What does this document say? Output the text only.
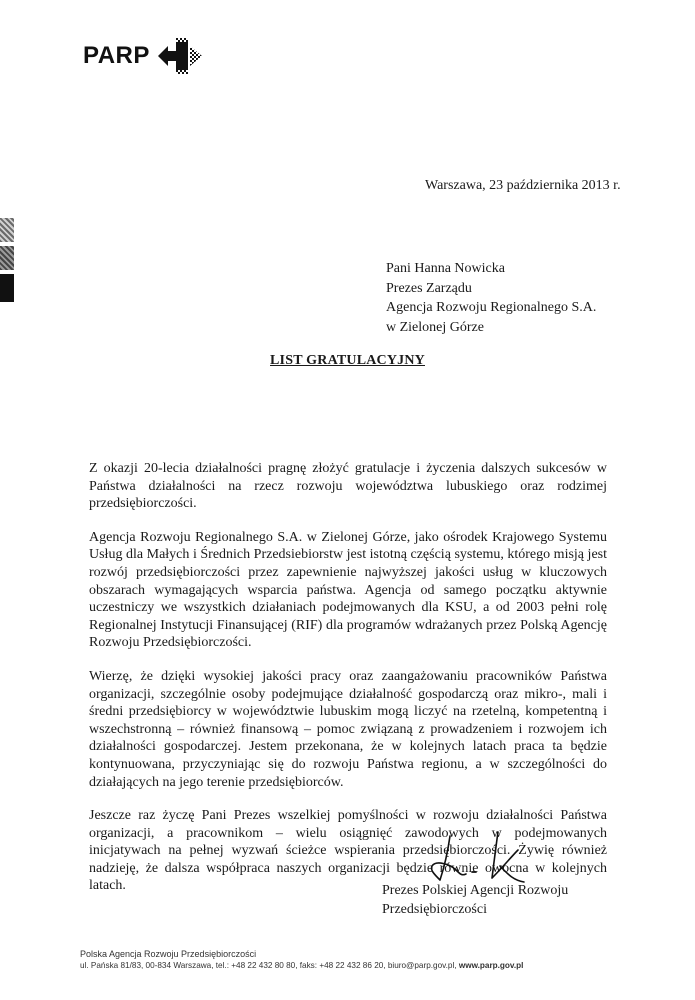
PARP
Warszawa, 23 października 2013 r.
Pani Hanna Nowicka
Prezes Zarządu
Agencja Rozwoju Regionalnego S.A.
w Zielonej Górze
LIST GRATULACYJNY

Z okazji 20-lecia działalności pragnę złożyć gratulacje i życzenia dalszych sukcesów w Państwa działalności na rzecz rozwoju województwa lubuskiego oraz rodzimej przedsiębiorczości.

Agencja Rozwoju Regionalnego S.A. w Zielonej Górze, jako ośrodek Krajowego Systemu Usług dla Małych i Średnich Przedsiebiorstw jest istotną częścią systemu, którego misją jest rozwój przedsiębiorczości przez zapewnienie najwyższej jakości usług w kluczowych obszarach wymagających wsparcia państwa. Agencja od samego początku aktywnie uczestniczy we wszystkich działaniach podejmowanych dla KSU, a od 2003 pełni rolę Regionalnej Instytucji Finansującej (RIF) dla programów wdrażanych przez Polską Agencję Rozwoju Przedsiębiorczości.

Wierzę, że dzięki wysokiej jakości pracy oraz zaangażowaniu pracowników Państwa organizacji, szczególnie osoby podejmujące działalność gospodarczą oraz mikro-, mali i średni przedsiębiorcy w województwie lubuskim mogą liczyć na rzetelną, kompetentną i wszechstronną – również finansową – pomoc związaną z prowadzeniem i rozwojem ich działalności gospodarczej. Jestem przekonana, że w kolejnych latach praca ta będzie kontynuowana, przyczyniając się do rozwoju Państwa regionu, a w szczególności do działających na jego terenie przedsiębiorców.

Jeszcze raz życzę Pani Prezes wszelkiej pomyślności w rozwoju działalności Państwa organizacji, a pracownikom – wielu osiągnięć zawodowych w podejmowanych inicjatywach na pełnej wyzwań ścieżce wspierania przedsiębiorczości. Żywię również nadzieję, że dalsza współpraca naszych organizacji będzie równie owocna w kolejnych latach.	Prezes Polskiej Agencji Rozwoju
Przedsiębiorczości
Polska Agencja Rozwoju Przedsiębiorczości
ul. Pańska 81/83, 00-834 Warszawa, tel.: +48 22 432 80 80, faks: +48 22 432 86 20, biuro@parp.gov.pl, www.parp.gov.pl
